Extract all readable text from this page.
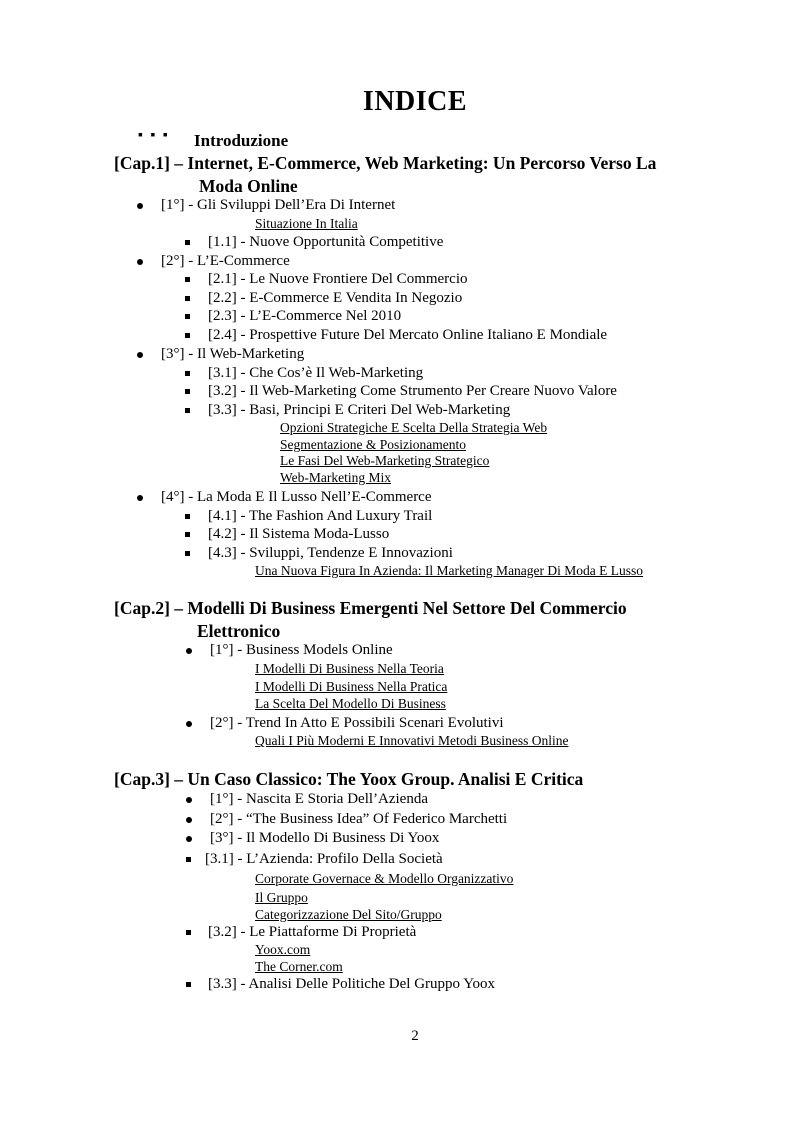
INDICE
▪ ▪ ▪ Introduzione
[Cap.1] – Internet, E-Commerce, Web Marketing: Un Percorso Verso La
Moda Online
[1°] - Gli Sviluppi Dell’Era Di Internet
Situazione In Italia
[1.1] - Nuove Opportunità Competitive
[2°] - L’E-Commerce
[2.1] - Le Nuove Frontiere Del Commercio
[2.2] - E-Commerce E Vendita In Negozio
[2.3] - L’E-Commerce Nel 2010
[2.4] - Prospettive Future Del Mercato Online Italiano E Mondiale
[3°] - Il Web-Marketing
[3.1] - Che Cos’è Il Web-Marketing
[3.2] - Il Web-Marketing Come Strumento Per Creare Nuovo Valore
[3.3] - Basi, Principi E Criteri Del Web-Marketing
Opzioni Strategiche E Scelta Della Strategia Web
Segmentazione & Posizionamento
Le Fasi Del Web-Marketing Strategico
Web-Marketing Mix
[4°] - La Moda E Il Lusso Nell’E-Commerce
[4.1] - The Fashion And Luxury Trail
[4.2] - Il Sistema Moda-Lusso
[4.3] - Sviluppi, Tendenze E Innovazioni
Una Nuova Figura In Azienda: Il Marketing Manager Di Moda E Lusso
[Cap.2] – Modelli Di Business Emergenti Nel Settore Del Commercio
Elettronico
[1°] - Business Models Online
I Modelli Di Business Nella Teoria
I Modelli Di Business Nella Pratica
La Scelta Del Modello Di Business
[2°] - Trend In Atto E Possibili Scenari Evolutivi
Quali I Più Moderni E Innovativi Metodi Business Online
[Cap.3] – Un Caso Classico: The Yoox Group. Analisi E Critica
[1°] - Nascita E Storia Dell’Azienda
[2°] - “The Business Idea” Of Federico Marchetti
[3°] - Il Modello Di Business Di Yoox
[3.1] - L’Azienda: Profilo Della Società
Corporate Governace & Modello Organizzativo
Il Gruppo
Categorizzazione Del Sito/Gruppo
[3.2] - Le Piattaforme Di Proprietà
Yoox.com
The Corner.com
[3.3] - Analisi Delle Politiche Del Gruppo Yoox
2
